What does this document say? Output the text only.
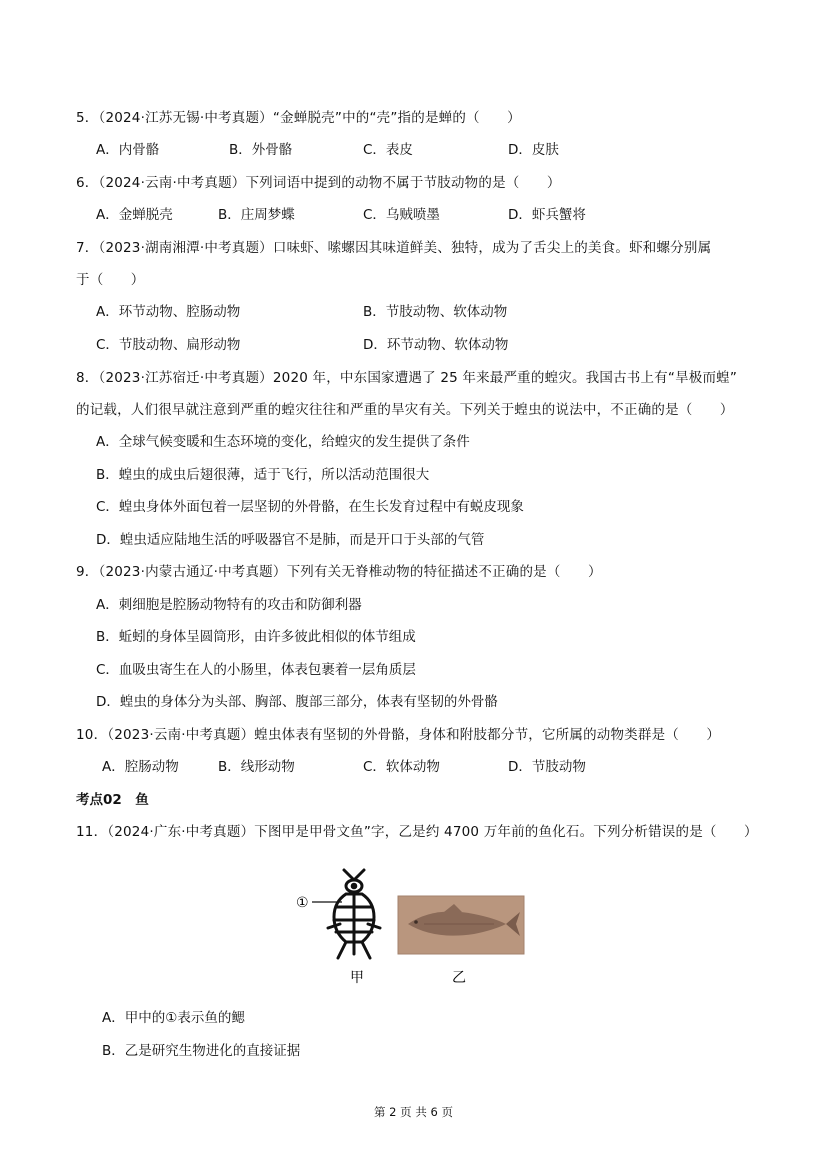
5．（2024·江苏无锡·中考真题）“金蝉脱壳”中的“壳”指的是蝉的（　　）
A．内骨骼	B．外骨骼	C．表皮	D．皮肤
6．（2024·云南·中考真题）下列词语中提到的动物不属于节肢动物的是（　　）
A．金蝉脱壳	B．庄周梦蝶	C．乌贼喷墨	D．虾兵蟹将
7．（2023·湖南湘潭·中考真题）口味虾、嗦螺因其味道鲜美、独特，成为了舌尖上的美食。虾和螺分别属
于（　　）
A．环节动物、腔肠动物	B．节肢动物、软体动物
C．节肢动物、扁形动物	D．环节动物、软体动物
8．（2023·江苏宿迁·中考真题）2020 年，中东国家遭遇了 25 年来最严重的蝗灾。我国古书上有“旱极而蝗”
的记载，人们很早就注意到严重的蝗灾往往和严重的旱灾有关。下列关于蝗虫的说法中，不正确的是（　　）
A．全球气候变暖和生态环境的变化，给蝗灾的发生提供了条件
B．蝗虫的成虫后翅很薄，适于飞行，所以活动范围很大
C．蝗虫身体外面包着一层坚韧的外骨骼，在生长发育过程中有蜕皮现象
D．蝗虫适应陆地生活的呼吸器官不是肺，而是开口于头部的气管
9．（2023·内蒙古通辽·中考真题）下列有关无脊椎动物的特征描述不正确的是（　　）
A．刺细胞是腔肠动物特有的攻击和防御利器
B．蚯蚓的身体呈圆筒形，由许多彼此相似的体节组成
C．血吸虫寄生在人的小肠里，体表包裹着一层角质层
D．蝗虫的身体分为头部、胸部、腹部三部分，体表有坚韧的外骨骼
10．（2023·云南·中考真题）蝗虫体表有坚韧的外骨骼，身体和附肢都分节，它所属的动物类群是（　　）
A．腔肠动物	B．线形动物	C．软体动物	D．节肢动物
考点02　鱼
11．（2024·广东·中考真题）下图甲是甲骨文鱼”字，乙是约 4700 万年前的鱼化石。下列分析错误的是（　　）
①
甲	乙
A．甲中的①表示鱼的鳃
B．乙是研究生物进化的直接证据
第 2 页 共 6 页
